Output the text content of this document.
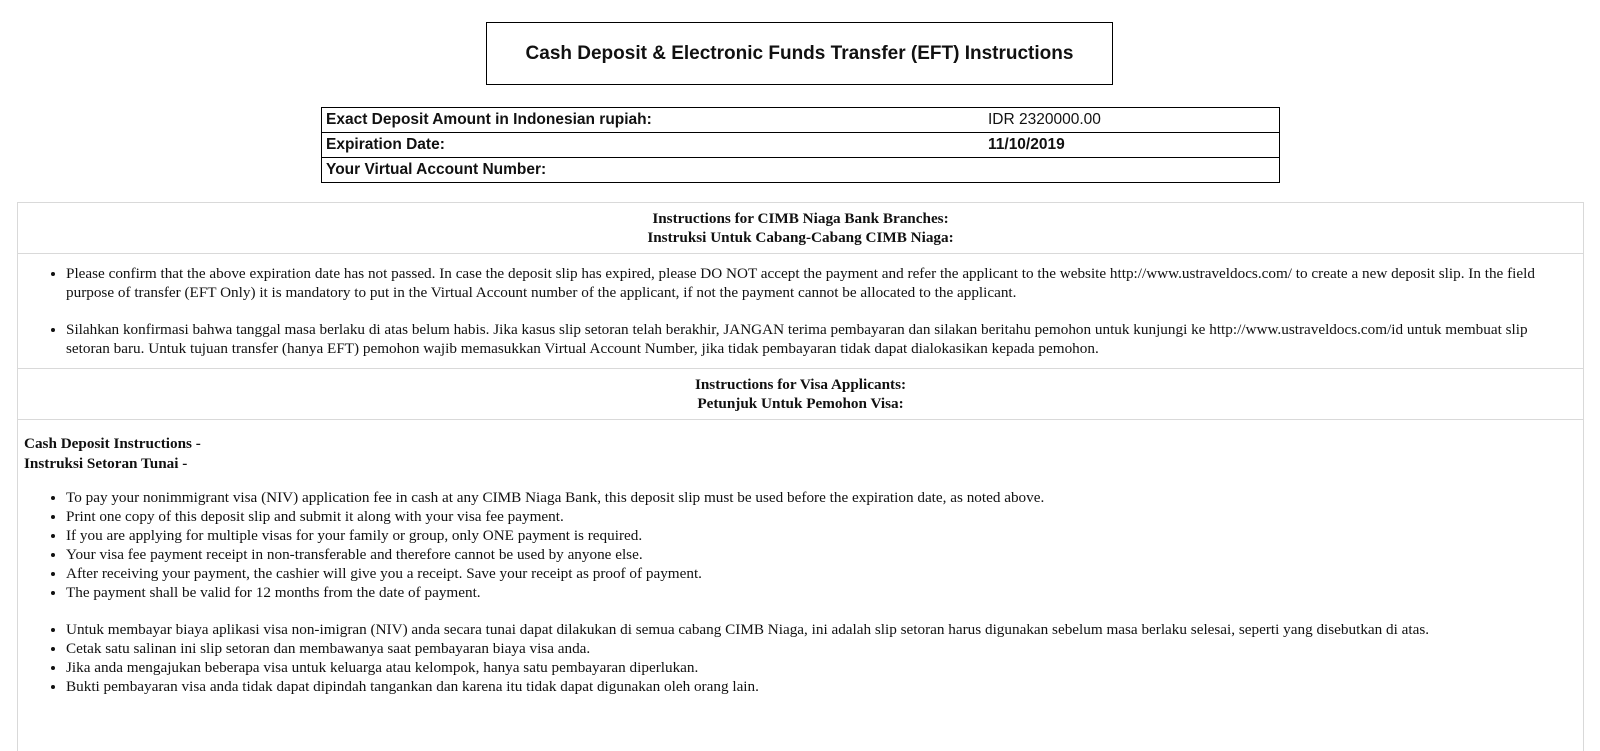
Cash Deposit & Electronic Funds Transfer (EFT) Instructions
Exact Deposit Amount in Indonesian rupiah:	IDR 2320000.00
Expiration Date:	11/10/2019
Your Virtual Account Number:	
Instructions for CIMB Niaga Bank Branches:
Instruksi Untuk Cabang-Cabang CIMB Niaga:
• Please confirm that the above expiration date has not passed. In case the deposit slip has expired, please DO NOT accept the payment and refer the applicant to the website http://www.ustraveldocs.com/ to create a new deposit slip. In the field purpose of transfer (EFT Only) it is mandatory to put in the Virtual Account number of the applicant, if not the payment cannot be allocated to the applicant.
• Silahkan konfirmasi bahwa tanggal masa berlaku di atas belum habis. Jika kasus slip setoran telah berakhir, JANGAN terima pembayaran dan silakan beritahu pemohon untuk kunjungi ke http://www.ustraveldocs.com/id untuk membuat slip setoran baru. Untuk tujuan transfer (hanya EFT) pemohon wajib memasukkan Virtual Account Number, jika tidak pembayaran tidak dapat dialokasikan kepada pemohon.
Instructions for Visa Applicants:
Petunjuk Untuk Pemohon Visa:
Cash Deposit Instructions -
Instruksi Setoran Tunai -
• To pay your nonimmigrant visa (NIV) application fee in cash at any CIMB Niaga Bank, this deposit slip must be used before the expiration date, as noted above.
• Print one copy of this deposit slip and submit it along with your visa fee payment.
• If you are applying for multiple visas for your family or group, only ONE payment is required.
• Your visa fee payment receipt in non-transferable and therefore cannot be used by anyone else.
• After receiving your payment, the cashier will give you a receipt. Save your receipt as proof of payment.
• The payment shall be valid for 12 months from the date of payment.
• Untuk membayar biaya aplikasi visa non-imigran (NIV) anda secara tunai dapat dilakukan di semua cabang CIMB Niaga, ini adalah slip setoran harus digunakan sebelum masa berlaku selesai, seperti yang disebutkan di atas.
• Cetak satu salinan ini slip setoran dan membawanya saat pembayaran biaya visa anda.
• Jika anda mengajukan beberapa visa untuk keluarga atau kelompok, hanya satu pembayaran diperlukan.
• Bukti pembayaran visa anda tidak dapat dipindah tangankan dan karena itu tidak dapat digunakan oleh orang lain.
